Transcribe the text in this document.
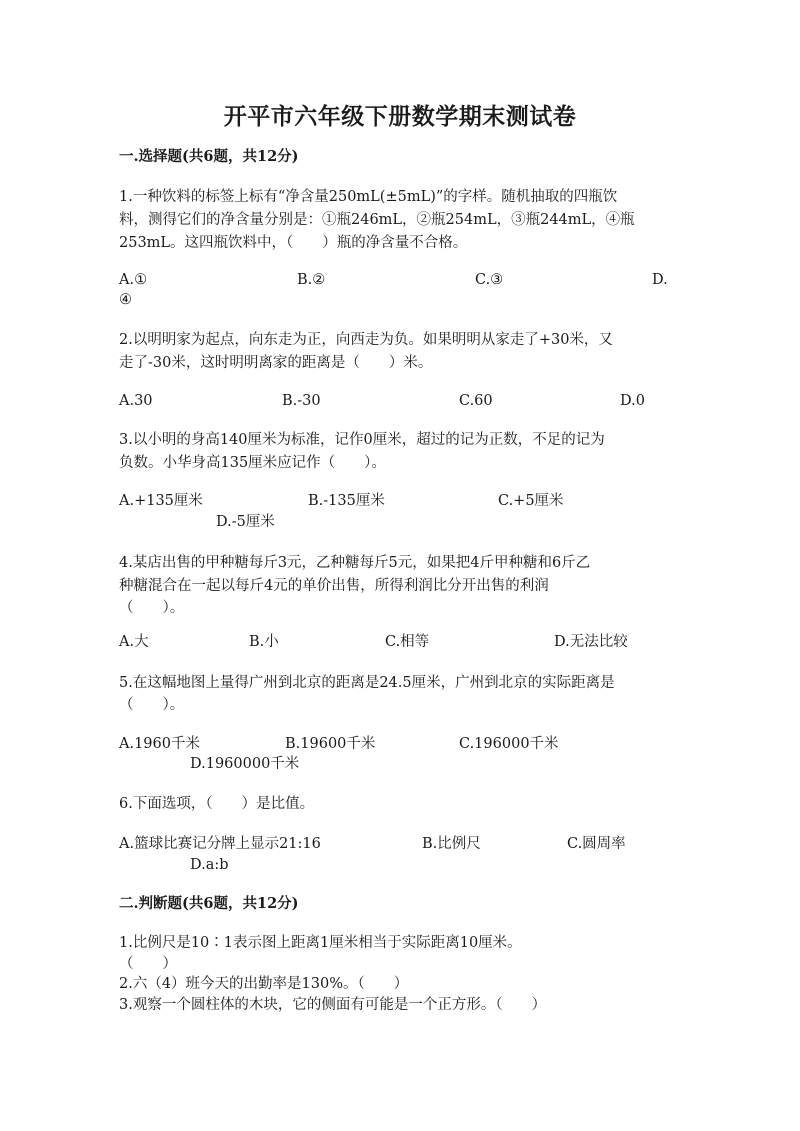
开平市六年级下册数学期末测试卷
一.选择题(共6题，共12分)
1.一种饮料的标签上标有“净含量250mL(±5mL)”的字样。随机抽取的四瓶饮
料，测得它们的净含量分别是：①瓶246mL，②瓶254mL，③瓶244mL，④瓶
253mL。这四瓶饮料中，（　　）瓶的净含量不合格。
A.①	B.②	C.③	D.
④
2.以明明家为起点，向东走为正，向西走为负。如果明明从家走了+30米，又
走了-30米，这时明明离家的距离是（　　）米。
A.30	B.-30	C.60	D.0
3.以小明的身高140厘米为标准，记作0厘米，超过的记为正数，不足的记为
负数。小华身高135厘米应记作（　　）。
A.+135厘米	B.-135厘米	C.+5厘米
D.-5厘米
4.某店出售的甲种糖每斤3元，乙种糖每斤5元，如果把4斤甲种糖和6斤乙
种糖混合在一起以每斤4元的单价出售，所得利润比分开出售的利润
（　　）。
A.大	B.小	C.相等	D.无法比较
5.在这幅地图上量得广州到北京的距离是24.5厘米，广州到北京的实际距离是
（　　）。
A.1960千米	B.19600千米	C.196000千米
D.1960000千米
6.下面选项，（　　）是比值。
A.篮球比赛记分牌上显示21:16	B.比例尺	C.圆周率
D.a:b
二.判断题(共6题，共12分)
1.比例尺是10∶1表示图上距离1厘米相当于实际距离10厘米。
（　　）
2.六（4）班今天的出勤率是130%。（　　）
3.观察一个圆柱体的木块，它的侧面有可能是一个正方形。（　　）
